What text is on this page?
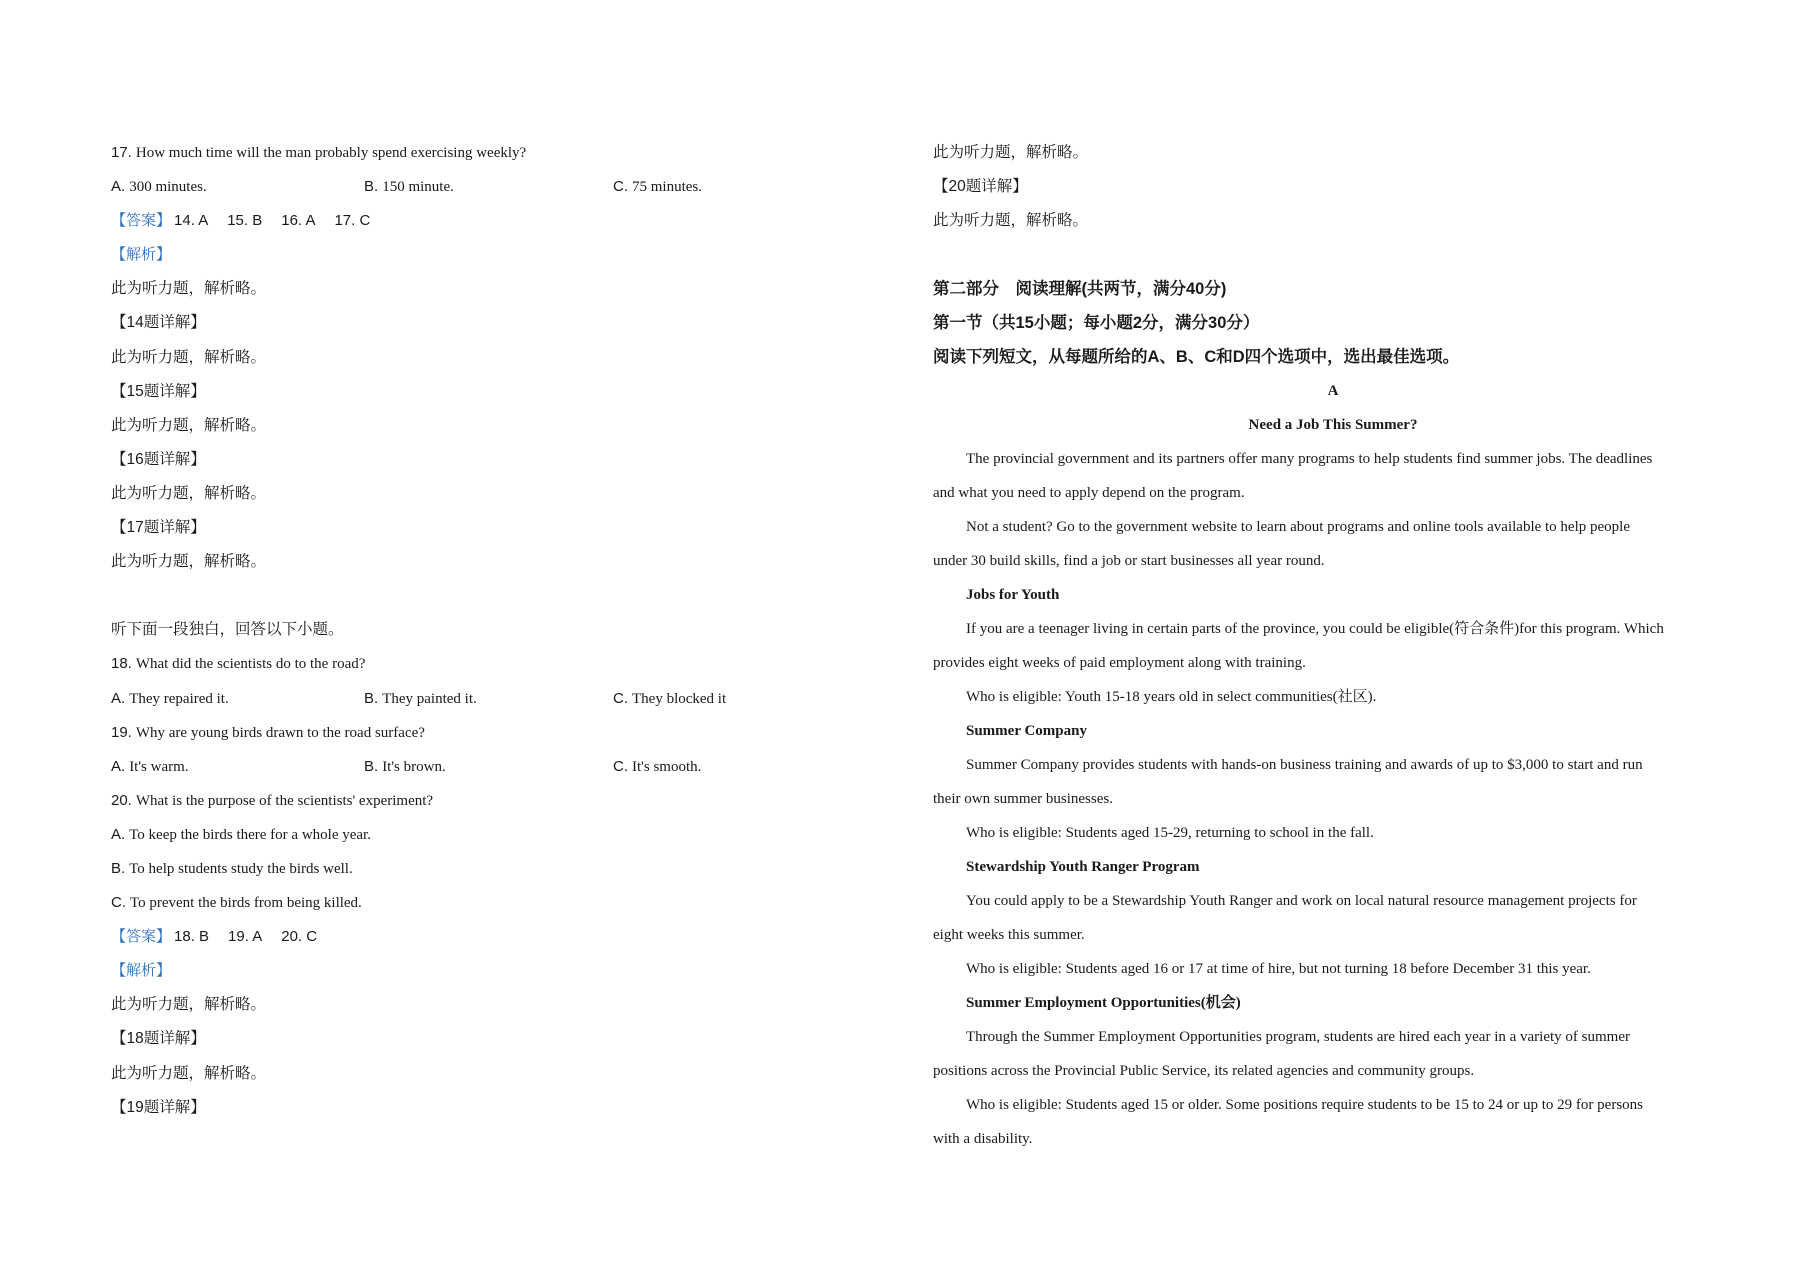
17. How much time will the man probably spend exercising weekly?
A. 300 minutes.	B. 150 minute.	C. 75 minutes.
【答案】 14. A 15. B 16. A 17. C
【解析】
此为听力题，解析略。
【14题详解】
此为听力题，解析略。
【15题详解】
此为听力题，解析略。
【16题详解】
此为听力题，解析略。
【17题详解】
此为听力题，解析略。
听下面一段独白，回答以下小题。
18. What did the scientists do to the road?
A. They repaired it.	B. They painted it.	C. They blocked it
19. Why are young birds drawn to the road surface?
A. It's warm.	B. It's brown.	C. It's smooth.
20. What is the purpose of the scientists' experiment?
A. To keep the birds there for a whole year.
B. To help students study the birds well.
C. To prevent the birds from being killed.
【答案】 18. B 19. A 20. C
【解析】
此为听力题，解析略。
【18题详解】
此为听力题，解析略。
【19题详解】
此为听力题，解析略。
【20题详解】
此为听力题，解析略。
第二部分　阅读理解(共两节，满分40分)
第一节（共15小题；每小题2分，满分30分）
阅读下列短文，从每题所给的A、B、C和D四个选项中，选出最佳选项。
A
Need a Job This Summer?
The provincial government and its partners offer many programs to help students find summer jobs. The deadlines
and what you need to apply depend on the program.
Not a student? Go to the government website to learn about programs and online tools available to help people
under 30 build skills, find a job or start businesses all year round.
Jobs for Youth
If you are a teenager living in certain parts of the province, you could be eligible(符合条件)for this program. Which
provides eight weeks of paid employment along with training.
Who is eligible: Youth 15-18 years old in select communities(社区).
Summer Company
Summer Company provides students with hands-on business training and awards of up to $3,000 to start and run
their own summer businesses.
Who is eligible: Students aged 15-29, returning to school in the fall.
Stewardship Youth Ranger Program
You could apply to be a Stewardship Youth Ranger and work on local natural resource management projects for
eight weeks this summer.
Who is eligible: Students aged 16 or 17 at time of hire, but not turning 18 before December 31 this year.
Summer Employment Opportunities(机会)
Through the Summer Employment Opportunities program, students are hired each year in a variety of summer
positions across the Provincial Public Service, its related agencies and community groups.
Who is eligible: Students aged 15 or older. Some positions require students to be 15 to 24 or up to 29 for persons
with a disability.
